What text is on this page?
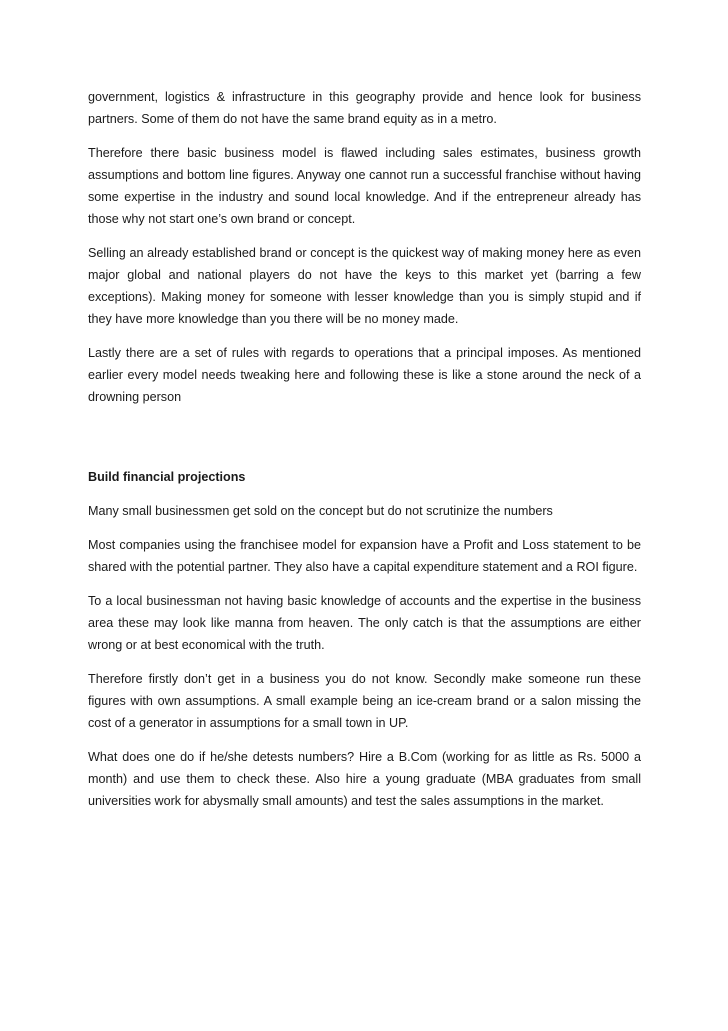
government, logistics & infrastructure in this geography provide and hence look for business partners. Some of them do not have the same brand equity as in a metro.

Therefore there basic business model is flawed including sales estimates, business growth assumptions and bottom line figures. Anyway one cannot run a successful franchise without having some expertise in the industry and sound local knowledge. And if the entrepreneur already has those why not start one’s own brand or concept.

Selling an already established brand or concept is the quickest way of making money here as even major global and national players do not have the keys to this market yet (barring a few exceptions). Making money for someone with lesser knowledge than you is simply stupid and if they have more knowledge than you there will be no money made.

Lastly there are a set of rules with regards to operations that a principal imposes. As mentioned earlier every model needs tweaking here and following these is like a stone around the neck of a drowning person

Build financial projections

Many small businessmen get sold on the concept but do not scrutinize the numbers

Most companies using the franchisee model for expansion have a Profit and Loss statement to be shared with the potential partner. They also have a capital expenditure statement and a ROI figure.

To a local businessman not having basic knowledge of accounts and the expertise in the business area these may look like manna from heaven. The only catch is that the assumptions are either wrong or at best economical with the truth.

Therefore firstly don’t get in a business you do not know. Secondly make someone run these figures with own assumptions. A small example being an ice-cream brand or a salon missing the cost of a generator in assumptions for a small town in UP.

What does one do if he/she detests numbers? Hire a B.Com (working for as little as Rs. 5000 a month) and use them to check these. Also hire a young graduate (MBA graduates from small universities work for abysmally small amounts) and test the sales assumptions in the market.
